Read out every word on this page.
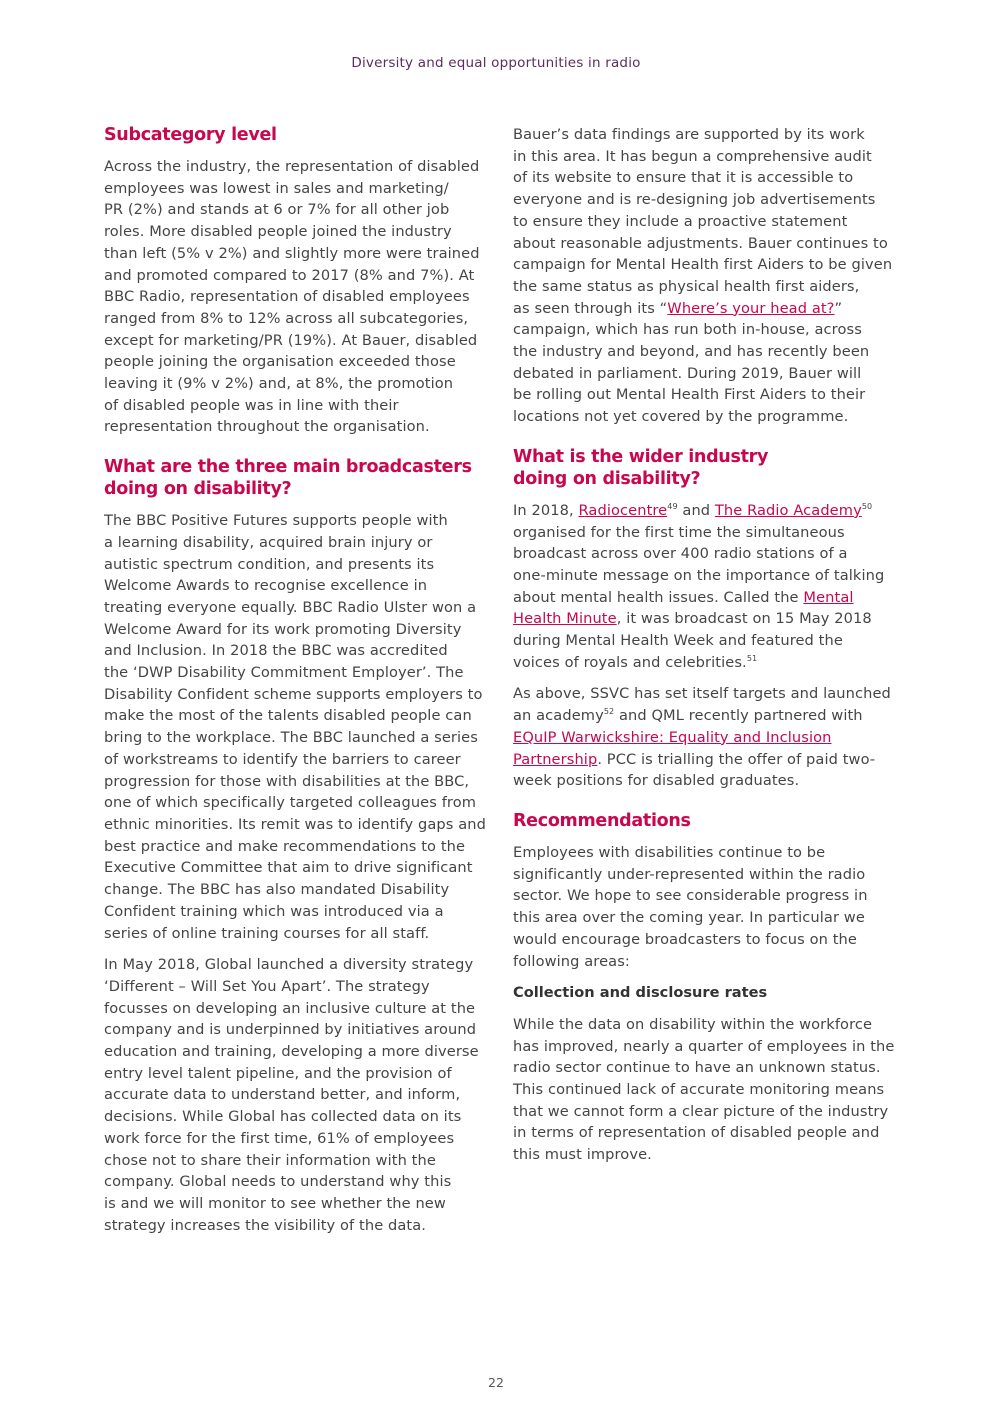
Diversity and equal opportunities in radio
Subcategory level
Across the industry, the representation of disabled
employees was lowest in sales and marketing/
PR (2%) and stands at 6 or 7% for all other job
roles. More disabled people joined the industry
than left (5% v 2%) and slightly more were trained
and promoted compared to 2017 (8% and 7%). At
BBC Radio, representation of disabled employees
ranged from 8% to 12% across all subcategories,
except for marketing/PR (19%). At Bauer, disabled
people joining the organisation exceeded those
leaving it (9% v 2%) and, at 8%, the promotion
of disabled people was in line with their
representation throughout the organisation.
What are the three main broadcasters
doing on disability?
The BBC Positive Futures supports people with
a learning disability, acquired brain injury or
autistic spectrum condition, and presents its
Welcome Awards to recognise excellence in
treating everyone equally. BBC Radio Ulster won a
Welcome Award for its work promoting Diversity
and Inclusion. In 2018 the BBC was accredited
the ‘DWP Disability Commitment Employer’. The
Disability Confident scheme supports employers to
make the most of the talents disabled people can
bring to the workplace. The BBC launched a series
of workstreams to identify the barriers to career
progression for those with disabilities at the BBC,
one of which specifically targeted colleagues from
ethnic minorities. Its remit was to identify gaps and
best practice and make recommendations to the
Executive Committee that aim to drive significant
change. The BBC has also mandated Disability
Confident training which was introduced via a
series of online training courses for all staff.
In May 2018, Global launched a diversity strategy
‘Different – Will Set You Apart’. The strategy
focusses on developing an inclusive culture at the
company and is underpinned by initiatives around
education and training, developing a more diverse
entry level talent pipeline, and the provision of
accurate data to understand better, and inform,
decisions. While Global has collected data on its
work force for the first time, 61% of employees
chose not to share their information with the
company. Global needs to understand why this
is and we will monitor to see whether the new
strategy increases the visibility of the data.
Bauer’s data findings are supported by its work
in this area. It has begun a comprehensive audit
of its website to ensure that it is accessible to
everyone and is re-designing job advertisements
to ensure they include a proactive statement
about reasonable adjustments. Bauer continues to
campaign for Mental Health first Aiders to be given
the same status as physical health first aiders,
as seen through its “Where’s your head at?”
campaign, which has run both in-house, across
the industry and beyond, and has recently been
debated in parliament. During 2019, Bauer will
be rolling out Mental Health First Aiders to their
locations not yet covered by the programme.
What is the wider industry
doing on disability?
In 2018, Radiocentre$^{49}$ and The Radio Academy$^{50}$
organised for the first time the simultaneous
broadcast across over 400 radio stations of a
one-minute message on the importance of talking
about mental health issues. Called the Mental
Health Minute, it was broadcast on 15 May 2018
during Mental Health Week and featured the
voices of royals and celebrities.$^{51}$
As above, SSVC has set itself targets and launched
an academy$^{52}$ and QML recently partnered with
EQuIP Warwickshire: Equality and Inclusion
Partnership. PCC is trialling the offer of paid two-
week positions for disabled graduates.
Recommendations
Employees with disabilities continue to be
significantly under-represented within the radio
sector. We hope to see considerable progress in
this area over the coming year. In particular we
would encourage broadcasters to focus on the
following areas:
Collection and disclosure rates
While the data on disability within the workforce
has improved, nearly a quarter of employees in the
radio sector continue to have an unknown status.
This continued lack of accurate monitoring means
that we cannot form a clear picture of the industry
in terms of representation of disabled people and
this must improve.
22
